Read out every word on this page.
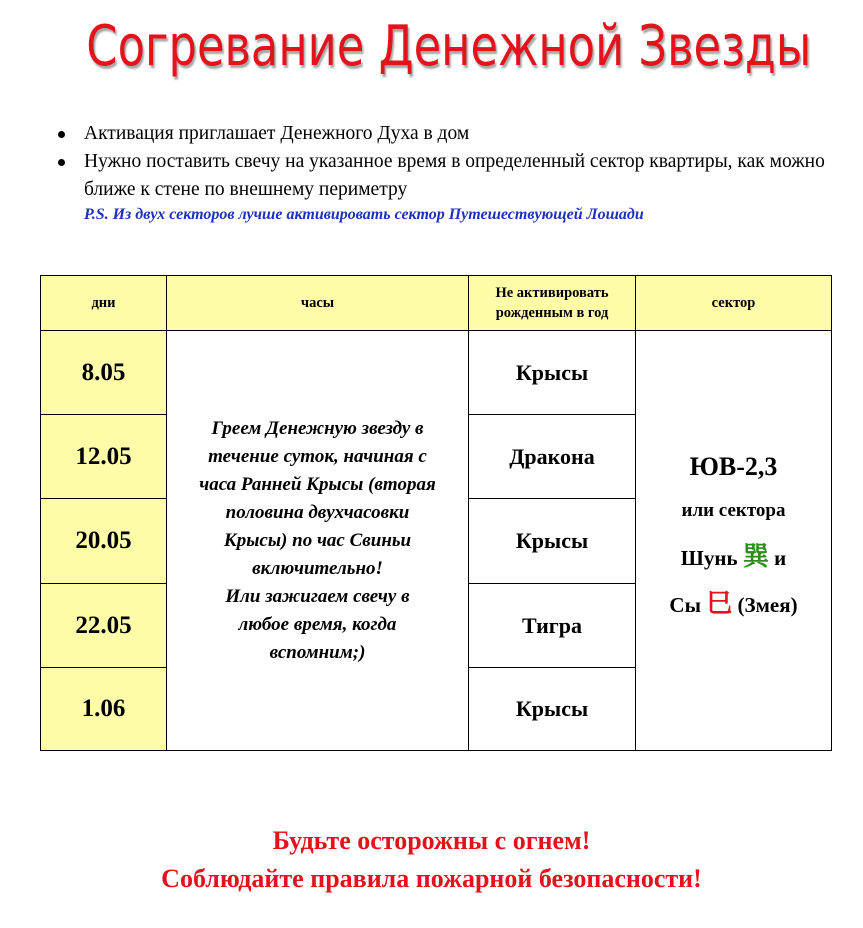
Согревание Денежной Звезды
Активация приглашает Денежного Духа в дом
Нужно поставить свечу на указанное время в определенный сектор квартиры, как можно ближе к стене по внешнему периметру
P.S. Из двух секторов лучше активировать сектор Путешествующей Лошади
дни	часы
Не активировать
рожденным в год
сектор
8.05
12.05
20.05
22.05
1.06
Греем Денежную звезду в
течение суток, начиная с
часа Ранней Крысы (вторая
половина двухчасовки
Крысы) по час Свиньи
включительно!
Или зажигаем свечу в
любое время, когда
вспомним;)
Крысы
Дракона
Крысы
Тигра
Крысы
ЮВ-2,3
или сектора
Шунь 巽 и
Сы 巳 (Змея)
Будьте осторожны с огнем!
Соблюдайте правила пожарной безопасности!
